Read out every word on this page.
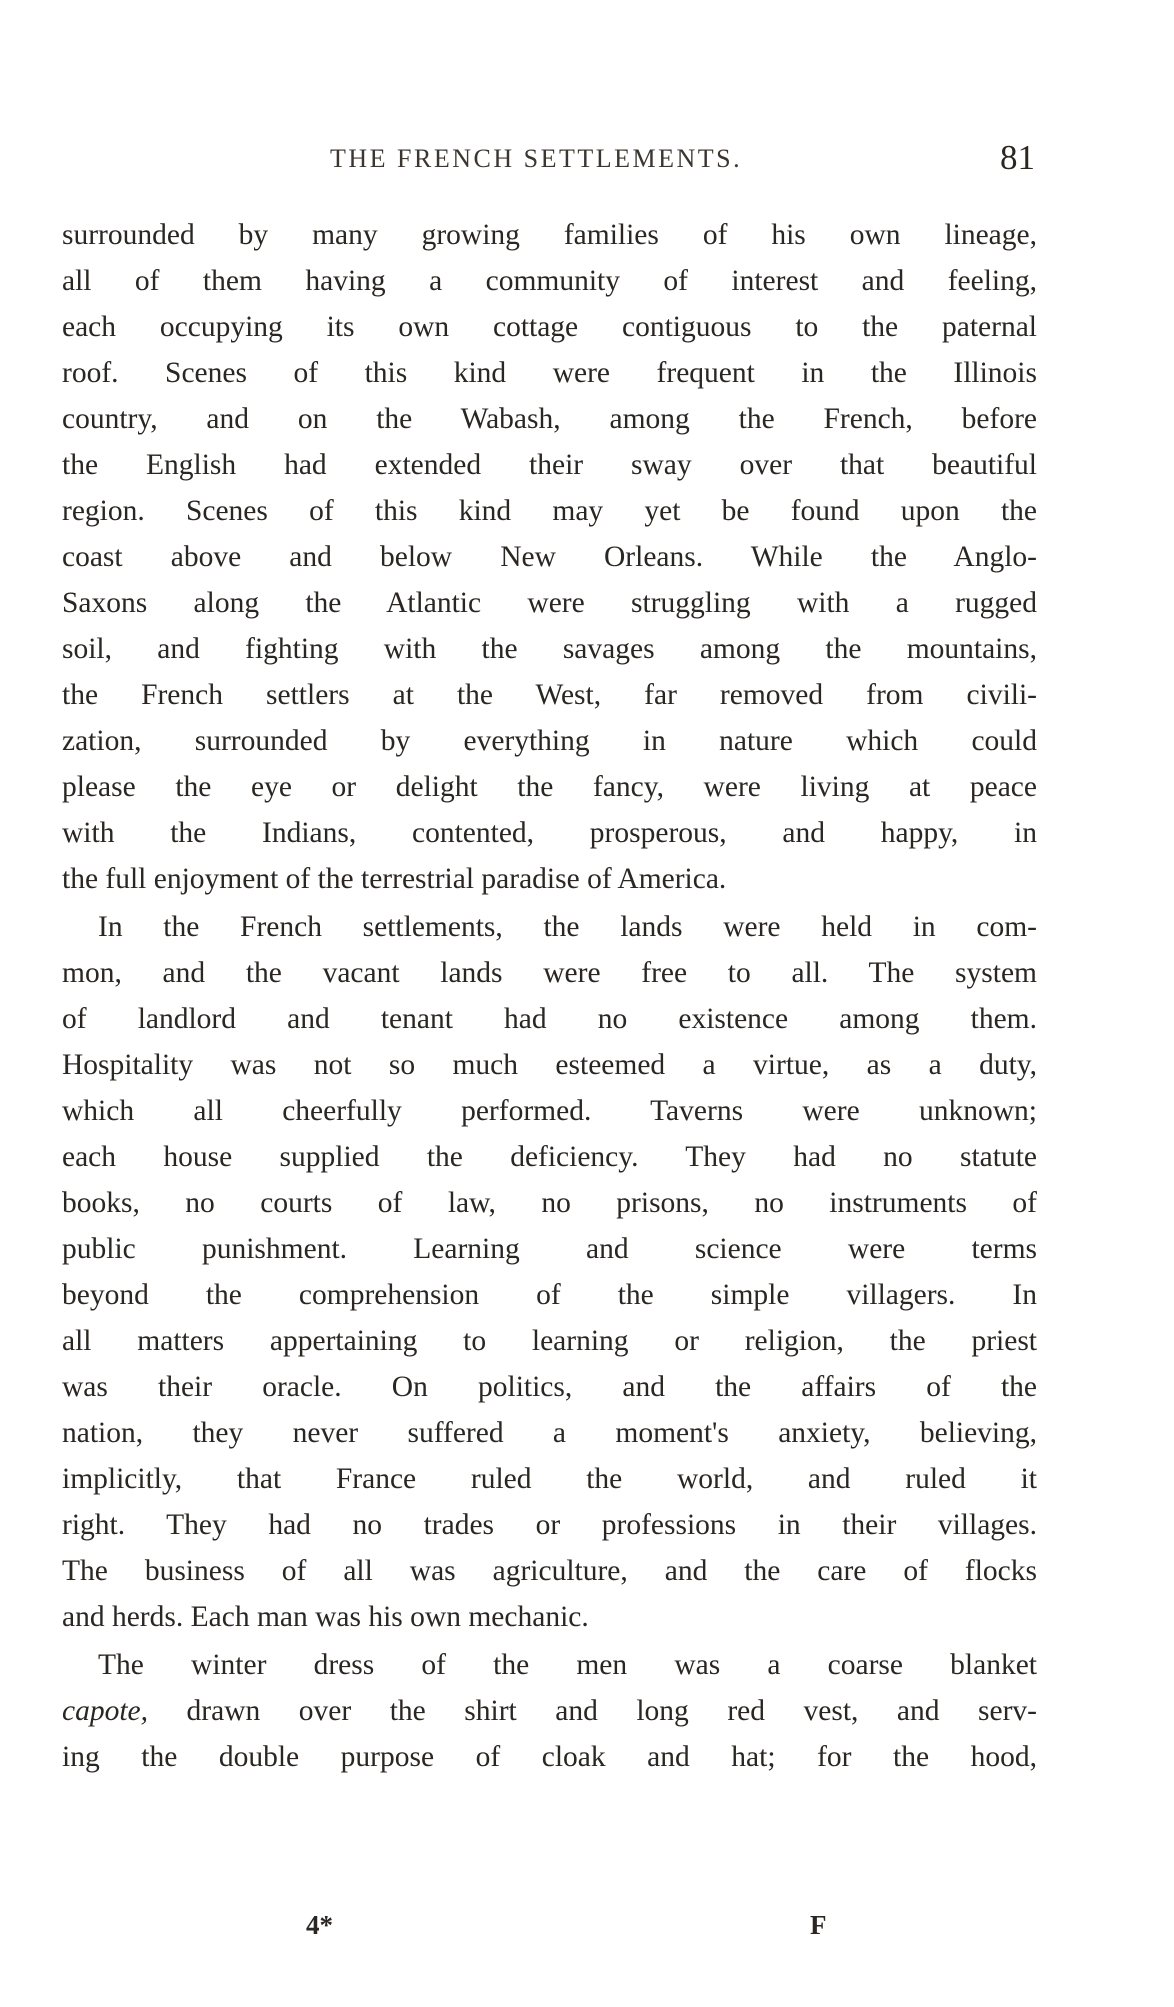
THE FRENCH SETTLEMENTS.	81
surrounded by many growing families of his own lineage,
all of them having a community of interest and feeling,
each occupying its own cottage contiguous to the paternal
roof. Scenes of this kind were frequent in the Illinois
country, and on the Wabash, among the French, before
the English had extended their sway over that beautiful
region. Scenes of this kind may yet be found upon the
coast above and below New Orleans. While the Anglo-
Saxons along the Atlantic were struggling with a rugged
soil, and fighting with the savages among the mountains,
the French settlers at the West, far removed from civili-
zation, surrounded by everything in nature which could
please the eye or delight the fancy, were living at peace
with the Indians, contented, prosperous, and happy, in
the full enjoyment of the terrestrial paradise of America.
In the French settlements, the lands were held in com-
mon, and the vacant lands were free to all. The system
of landlord and tenant had no existence among them.
Hospitality was not so much esteemed a virtue, as a duty,
which all cheerfully performed. Taverns were unknown;
each house supplied the deficiency. They had no statute
books, no courts of law, no prisons, no instruments of
public punishment. Learning and science were terms
beyond the comprehension of the simple villagers. In
all matters appertaining to learning or religion, the priest
was their oracle. On politics, and the affairs of the
nation, they never suffered a moment's anxiety, believing,
implicitly, that France ruled the world, and ruled it
right. They had no trades or professions in their villages.
The business of all was agriculture, and the care of flocks
and herds. Each man was his own mechanic.
The winter dress of the men was a coarse blanket
capote, drawn over the shirt and long red vest, and serv-
ing the double purpose of cloak and hat; for the hood,
4*	F
